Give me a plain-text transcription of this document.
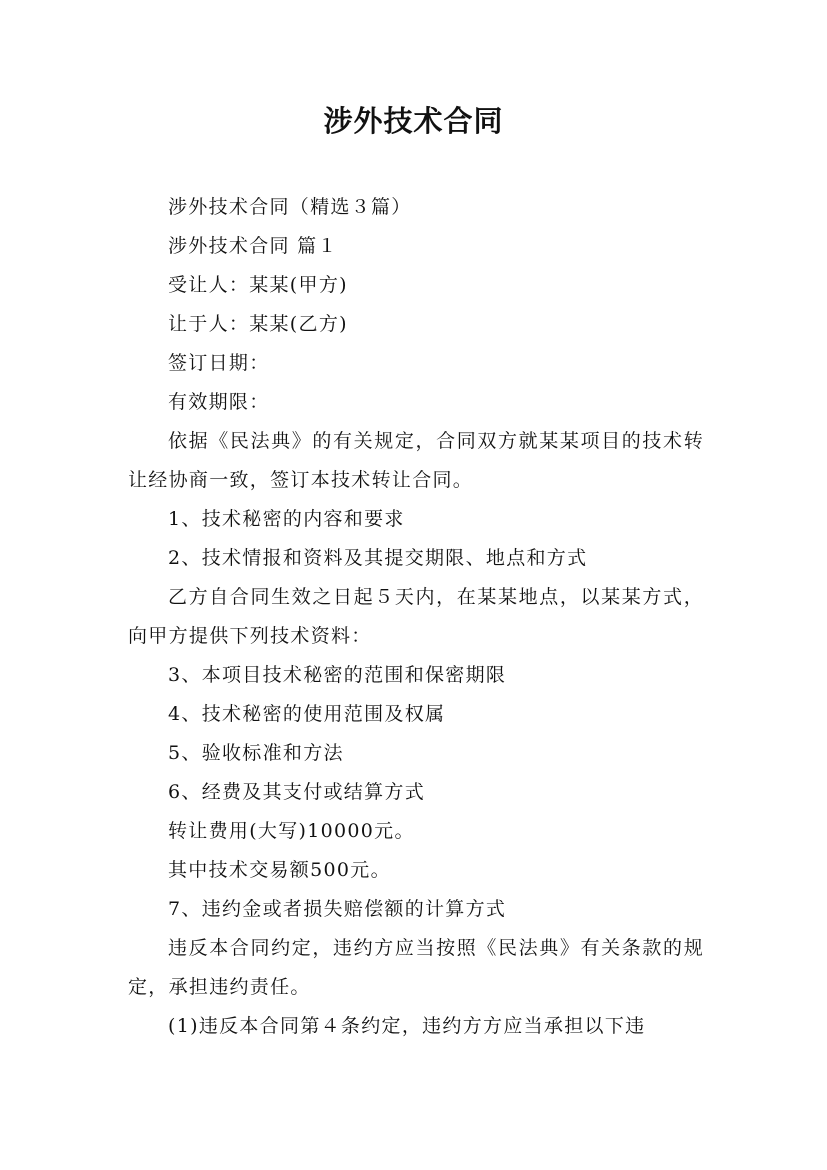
涉外技术合同

涉外技术合同（精选３篇）

涉外技术合同 篇１

受让人：某某(甲方)

让于人：某某(乙方)

签订日期：

有效期限：

依据《民法典》的有关规定，合同双方就某某项目的技术转让经协商一致，签订本技术转让合同。

1、技术秘密的内容和要求

2、技术情报和资料及其提交期限、地点和方式

乙方自合同生效之日起５天内，在某某地点，以某某方式，向甲方提供下列技术资料：

3、本项目技术秘密的范围和保密期限

4、技术秘密的使用范围及权属

5、验收标准和方法

6、经费及其支付或结算方式

转让费用(大写)10000元。

其中技术交易额500元。

7、违约金或者损失赔偿额的计算方式

违反本合同约定，违约方应当按照《民法典》有关条款的规定，承担违约责任。

(1)违反本合同第４条约定，违约方方应当承担以下违
